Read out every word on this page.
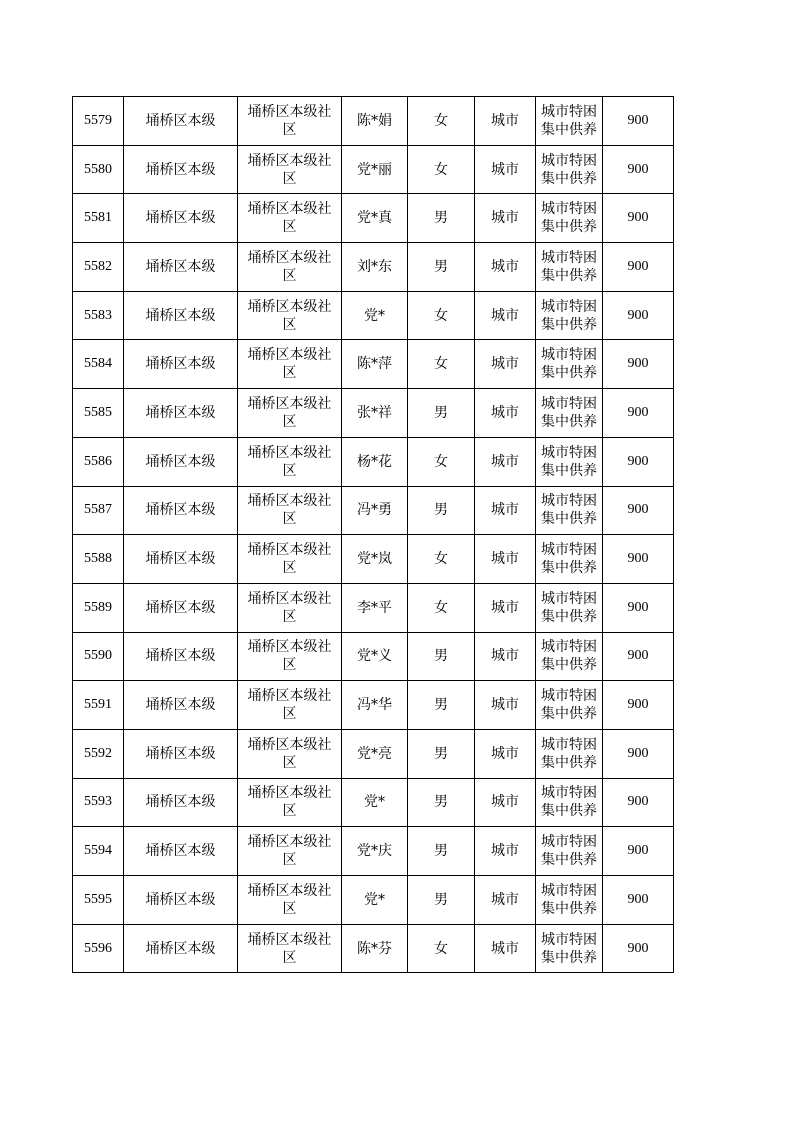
5579	埇桥区本级	埇桥区本级社区	陈*娟	女	城市	城市特困集中供养	900
5580	埇桥区本级	埇桥区本级社区	党*丽	女	城市	城市特困集中供养	900
5581	埇桥区本级	埇桥区本级社区	党*真	男	城市	城市特困集中供养	900
5582	埇桥区本级	埇桥区本级社区	刘*东	男	城市	城市特困集中供养	900
5583	埇桥区本级	埇桥区本级社区	党*	女	城市	城市特困集中供养	900
5584	埇桥区本级	埇桥区本级社区	陈*萍	女	城市	城市特困集中供养	900
5585	埇桥区本级	埇桥区本级社区	张*祥	男	城市	城市特困集中供养	900
5586	埇桥区本级	埇桥区本级社区	杨*花	女	城市	城市特困集中供养	900
5587	埇桥区本级	埇桥区本级社区	冯*勇	男	城市	城市特困集中供养	900
5588	埇桥区本级	埇桥区本级社区	党*岚	女	城市	城市特困集中供养	900
5589	埇桥区本级	埇桥区本级社区	李*平	女	城市	城市特困集中供养	900
5590	埇桥区本级	埇桥区本级社区	党*义	男	城市	城市特困集中供养	900
5591	埇桥区本级	埇桥区本级社区	冯*华	男	城市	城市特困集中供养	900
5592	埇桥区本级	埇桥区本级社区	党*亮	男	城市	城市特困集中供养	900
5593	埇桥区本级	埇桥区本级社区	党*	男	城市	城市特困集中供养	900
5594	埇桥区本级	埇桥区本级社区	党*庆	男	城市	城市特困集中供养	900
5595	埇桥区本级	埇桥区本级社区	党*	男	城市	城市特困集中供养	900
5596	埇桥区本级	埇桥区本级社区	陈*芬	女	城市	城市特困集中供养	900
